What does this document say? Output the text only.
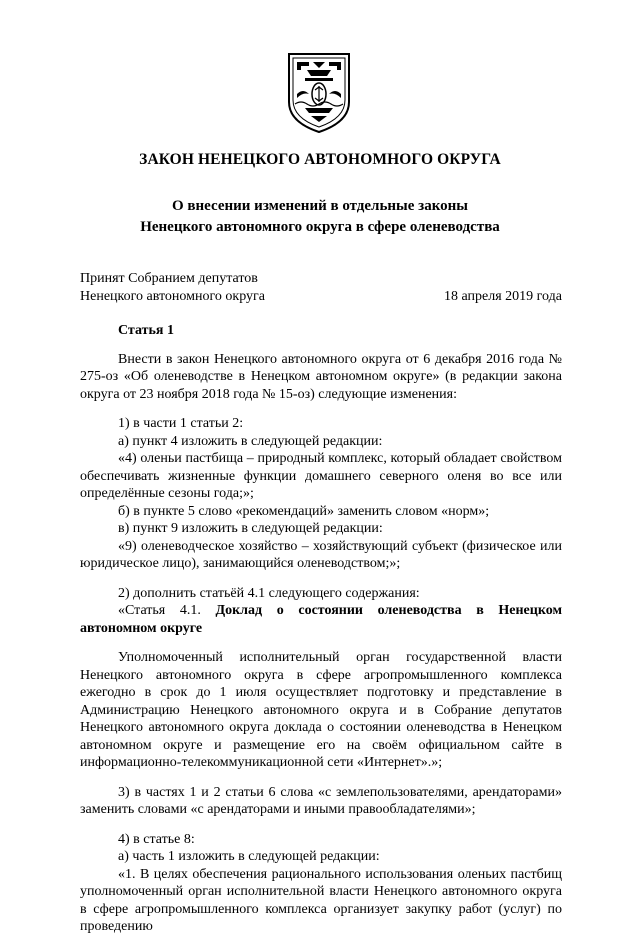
ЗАКОН НЕНЕЦКОГО АВТОНОМНОГО ОКРУГА
О внесении изменений в отдельные законы
Ненецкого автономного округа в сфере оленеводства
Принят Собранием депутатов
Ненецкого автономного округа	18 апреля 2019 года

Статья 1

Внести в закон Ненецкого автономного округа от 6 декабря 2016 года № 275-оз «Об оленеводстве в Ненецком автономном округе» (в редакции закона округа от 23 ноября 2018 года № 15-оз) следующие изменения:

1) в части 1 статьи 2:

а) пункт 4 изложить в следующей редакции:

«4) оленьи пастбища – природный комплекс, который обладает свойством обеспечивать жизненные функции домашнего северного оленя во все или определённые сезоны года;»;

б) в пункте 5 слово «рекомендаций» заменить словом «норм»;

в) пункт 9 изложить в следующей редакции:

«9) оленеводческое хозяйство – хозяйствующий субъект (физическое или юридическое лицо), занимающийся оленеводством;»;

2) дополнить статьёй 4.1 следующего содержания:

«Статья 4.1. Доклад о состоянии оленеводства в Ненецком автономном округе

Уполномоченный исполнительный орган государственной власти Ненецкого автономного округа в сфере агропромышленного комплекса ежегодно в срок до 1 июля осуществляет подготовку и представление в Администрацию Ненецкого автономного округа и в Собрание депутатов Ненецкого автономного округа доклада о состоянии оленеводства в Ненецком автономном округе и размещение его на своём официальном сайте в информационно-телекоммуникационной сети «Интернет».»;

3) в частях 1 и 2 статьи 6 слова «с землепользователями, арендаторами» заменить словами «с арендаторами и иными правообладателями»;

4) в статье 8:

а) часть 1 изложить в следующей редакции:

«1. В целях обеспечения рационального использования оленьих пастбищ уполномоченный орган исполнительной власти Ненецкого автономного округа в сфере агропромышленного комплекса организует закупку работ (услуг) по проведению
